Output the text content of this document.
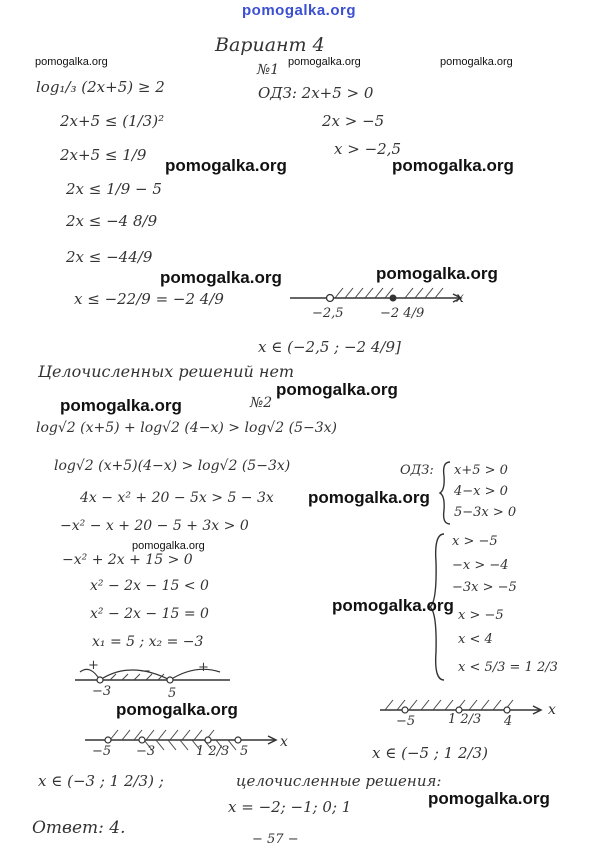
pomogalka.org
Вариант 4
№1
log₁/₃ (2x+5) ≥ 2
2x+5 ≤ (1/3)²
2x+5 ≤ 1/9
2x ≤ 1/9 − 5
2x ≤ −4 8/9
2x ≤ −44/9
x ≤ −22/9 = −2 4/9
ОДЗ: 2x+5 > 0
2x > −5
x > −2,5
−2,5	−2 4/9
x
x ∈ (−2,5 ; −2 4/9]
Целочисленных решений нет
№2
log√2 (x+5) + log√2 (4−x) > log√2 (5−3x)
log√2 (x+5)(4−x) > log√2 (5−3x)
4x − x² + 20 − 5x > 5 − 3x
−x² − x + 20 − 5 + 3x > 0
−x² + 2x + 15 > 0
x² − 2x − 15 < 0
x² − 2x − 15 = 0
x₁ = 5 ; x₂ = −3
ОДЗ: x+5 > 0
4−x > 0
5−3x > 0
x > −5
−x > −4
−3x > −5
x > −5
x < 4
x < 5/3 = 1 2/3
+	−	+
−3	5
−5 −3	1 2/3 5
x
−5	1 2/3 4
x
x ∈ (−5 ; 1 2/3)
x ∈ (−3 ; 1 2/3) ;	целочисленные решения:
x = −2; −1; 0; 1
Ответ: 4.
− 57 −
pomogalka.org	pomogalka.org	pomogalka.org
pomogalka.org	pomogalka.org
pomogalka.org	pomogalka.org
pomogalka.org
pomogalka.org
pomogalka.org
pomogalka.org
pomogalka.org
pomogalka.org
pomogalka.org
